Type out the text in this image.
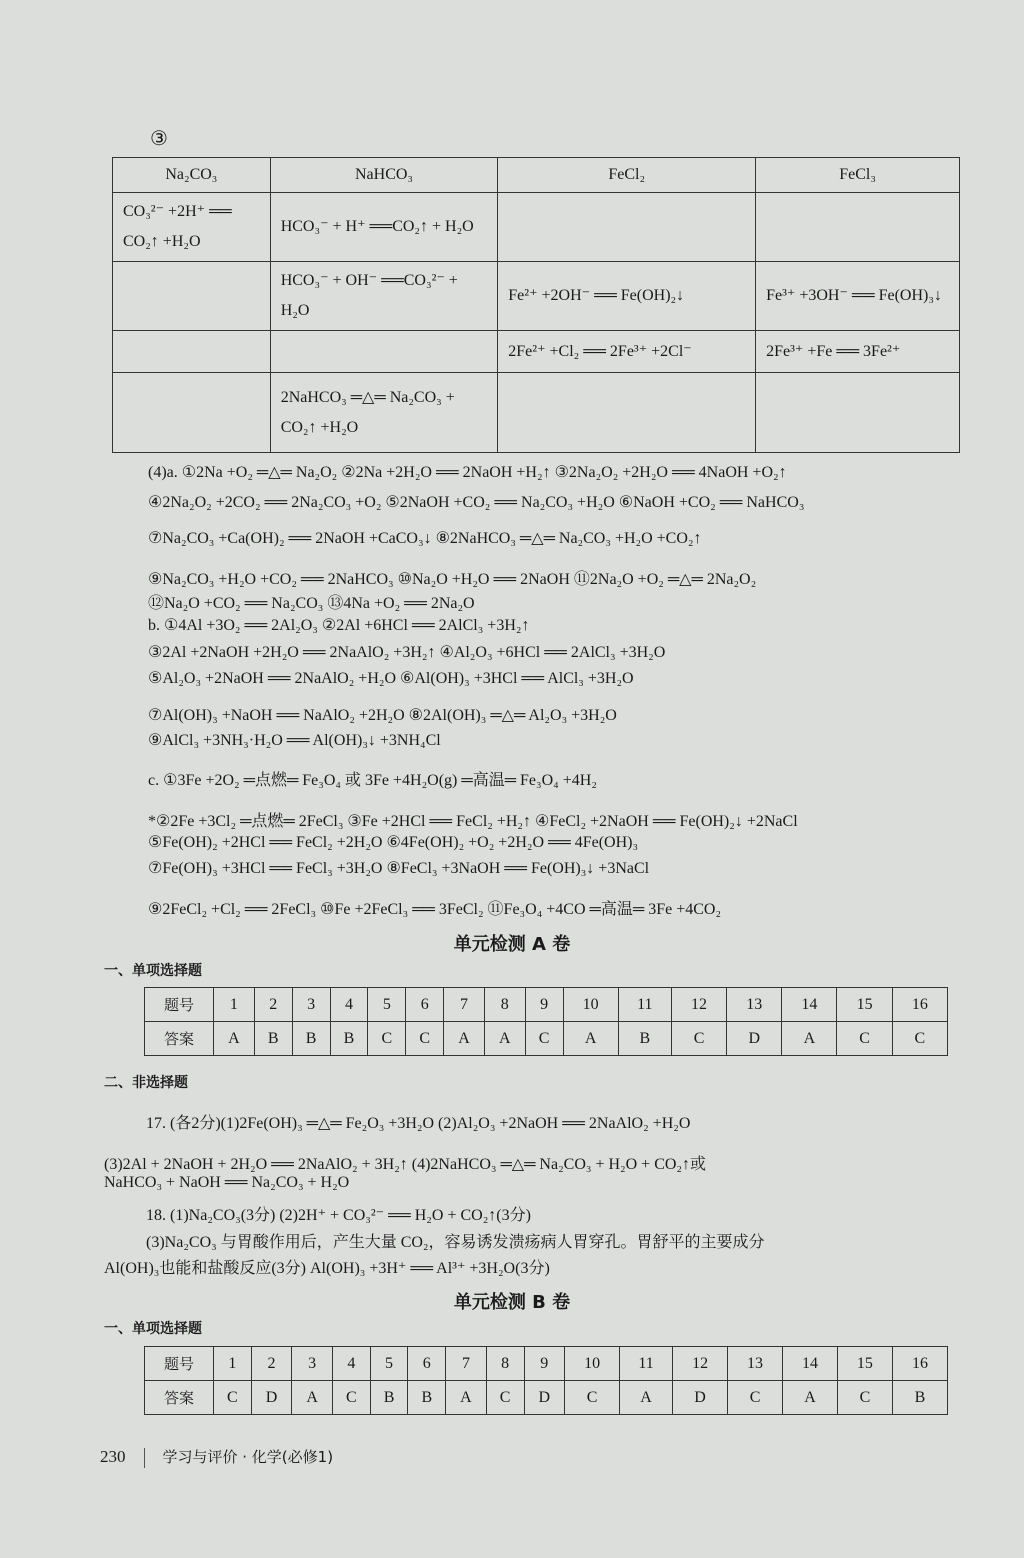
③
Na₂CO₃	NaHCO₃	FeCl₂	FeCl₃
CO₃²⁻ +2H⁺ ══ CO₂↑ +H₂O	HCO₃⁻ + H⁺ ══CO₂↑ + H₂O		
	HCO₃⁻ + OH⁻ ══CO₃²⁻ + H₂O	Fe²⁺ +2OH⁻ ══ Fe(OH)₂↓	Fe³⁺ +3OH⁻ ══ Fe(OH)₃↓
		2Fe²⁺ +Cl₂ ══ 2Fe³⁺ +2Cl⁻	2Fe³⁺ +Fe ══ 3Fe²⁺
	2NaHCO₃ ═△═ Na₂CO₃ + CO₂↑ +H₂O		
(4)a. ①2Na +O₂ ═△═ Na₂O₂ ②2Na +2H₂O ══ 2NaOH +H₂↑ ③2Na₂O₂ +2H₂O ══ 4NaOH +O₂↑
④2Na₂O₂ +2CO₂ ══ 2Na₂CO₃ +O₂ ⑤2NaOH +CO₂ ══ Na₂CO₃ +H₂O ⑥NaOH +CO₂ ══ NaHCO₃
⑦Na₂CO₃ +Ca(OH)₂ ══ 2NaOH +CaCO₃↓ ⑧2NaHCO₃ ═△═ Na₂CO₃ +H₂O +CO₂↑
⑨Na₂CO₃ +H₂O +CO₂ ══ 2NaHCO₃ ⑩Na₂O +H₂O ══ 2NaOH ⑪2Na₂O +O₂ ═△═ 2Na₂O₂
⑫Na₂O +CO₂ ══ Na₂CO₃ ⑬4Na +O₂ ══ 2Na₂O
b. ①4Al +3O₂ ══ 2Al₂O₃ ②2Al +6HCl ══ 2AlCl₃ +3H₂↑
③2Al +2NaOH +2H₂O ══ 2NaAlO₂ +3H₂↑ ④Al₂O₃ +6HCl ══ 2AlCl₃ +3H₂O
⑤Al₂O₃ +2NaOH ══ 2NaAlO₂ +H₂O ⑥Al(OH)₃ +3HCl ══ AlCl₃ +3H₂O
⑦Al(OH)₃ +NaOH ══ NaAlO₂ +2H₂O ⑧2Al(OH)₃ ═△═ Al₂O₃ +3H₂O
⑨AlCl₃ +3NH₃·H₂O ══ Al(OH)₃↓ +3NH₄Cl
c. ①3Fe +2O₂ ═点燃═ Fe₃O₄ 或 3Fe +4H₂O(g) ═高温═ Fe₃O₄ +4H₂
*②2Fe +3Cl₂ ═点燃═ 2FeCl₃ ③Fe +2HCl ══ FeCl₂ +H₂↑ ④FeCl₂ +2NaOH ══ Fe(OH)₂↓ +2NaCl
⑤Fe(OH)₂ +2HCl ══ FeCl₂ +2H₂O ⑥4Fe(OH)₂ +O₂ +2H₂O ══ 4Fe(OH)₃
⑦Fe(OH)₃ +3HCl ══ FeCl₃ +3H₂O ⑧FeCl₃ +3NaOH ══ Fe(OH)₃↓ +3NaCl
⑨2FeCl₂ +Cl₂ ══ 2FeCl₃ ⑩Fe +2FeCl₃ ══ 3FeCl₂ ⑪Fe₃O₄ +4CO ═高温═ 3Fe +4CO₂
单元检测 A 卷
一、单项选择题
题号	1	2	3	4	5	6	7	8	9	10	11	12	13	14	15	16
答案	A	B	B	B	C	C	A	A	C	A	B	C	D	A	C	C
二、非选择题
17. (各2分)(1)2Fe(OH)₃ ═△═ Fe₂O₃ +3H₂O (2)Al₂O₃ +2NaOH ══ 2NaAlO₂ +H₂O
(3)2Al + 2NaOH + 2H₂O ══ 2NaAlO₂ + 3H₂↑ (4)2NaHCO₃ ═△═ Na₂CO₃ + H₂O + CO₂↑或
NaHCO₃ + NaOH ══ Na₂CO₃ + H₂O
18. (1)Na₂CO₃(3分) (2)2H⁺ + CO₃²⁻ ══ H₂O + CO₂↑(3分)
(3)Na₂CO₃ 与胃酸作用后，产生大量 CO₂，容易诱发溃疡病人胃穿孔。胃舒平的主要成分
Al(OH)₃也能和盐酸反应(3分) Al(OH)₃ +3H⁺ ══ Al³⁺ +3H₂O(3分)
单元检测 B 卷
一、单项选择题
题号	1	2	3	4	5	6	7	8	9	10	11	12	13	14	15	16
答案	C	D	A	C	B	B	A	C	D	C	A	D	C	A	C	B
230 学习与评价 · 化学(必修1)
